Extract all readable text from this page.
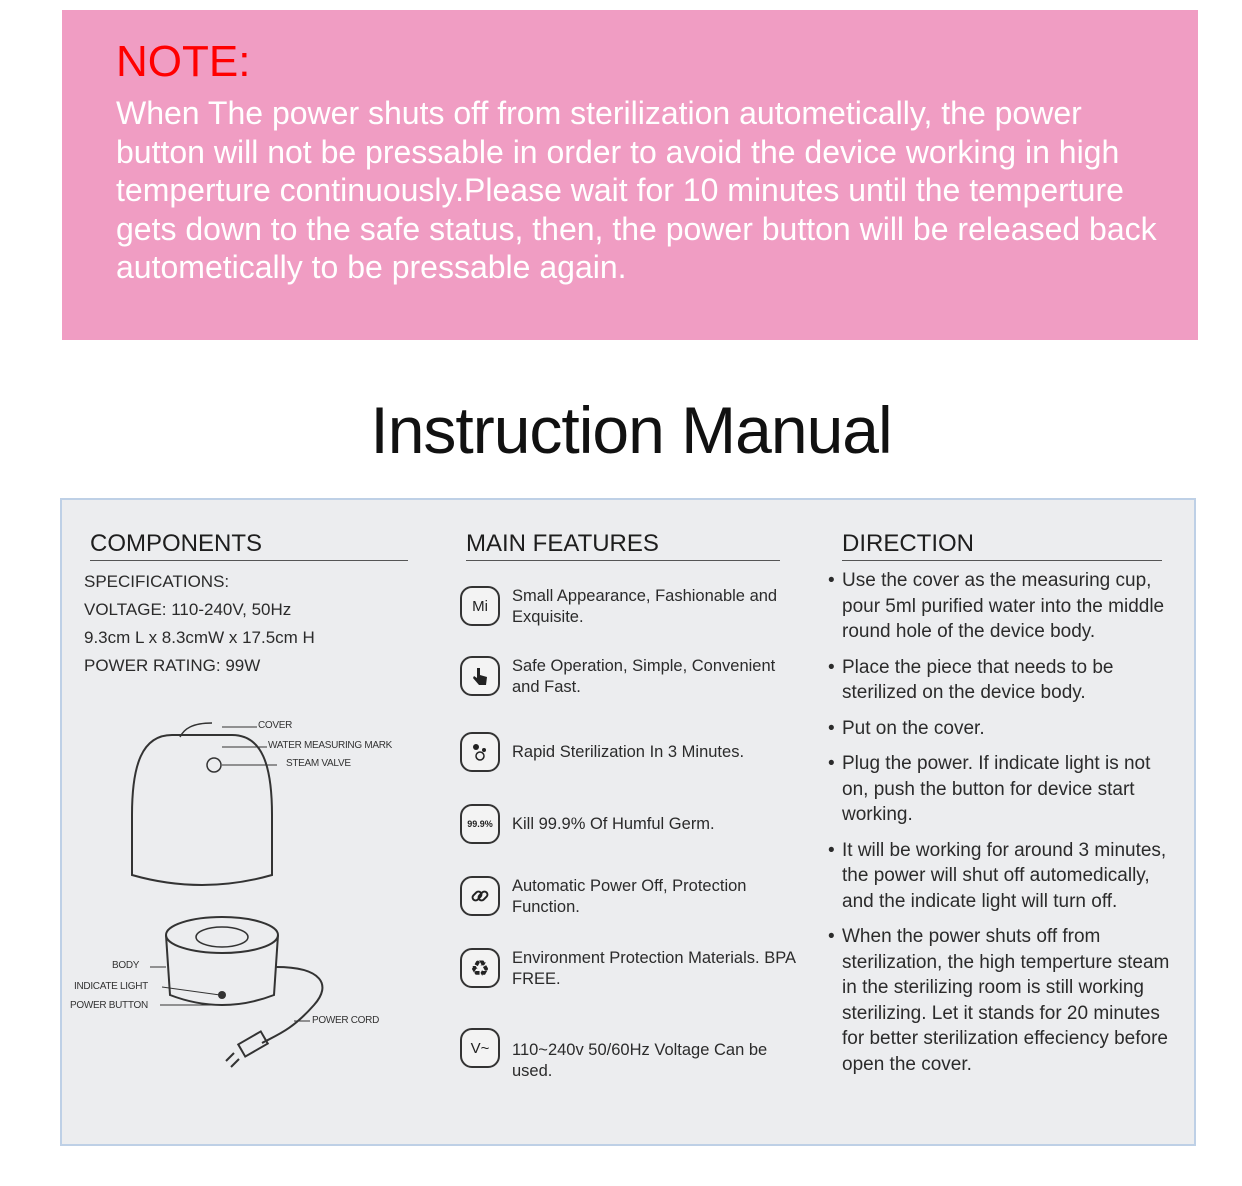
NOTE:
When The power shuts off from sterilization autometically, the power button will not be pressable in order to avoid the device working in high temperture continuously.Please wait for 10 minutes until the temperture gets down to the safe status, then, the power button will be released back autometically to be pressable again.
Instruction Manual
COMPONENTS
SPECIFICATIONS:
VOLTAGE: 110-240V, 50Hz
9.3cm L x 8.3cmW x 17.5cm H
POWER RATING: 99W
COVER
WATER MEASURING MARK
STEAM VALVE
BODY
INDICATE LIGHT
POWER BUTTON
POWER CORD
MAIN FEATURES
Mi
Small Appearance, Fashionable and Exquisite.
Safe Operation, Simple, Convenient and Fast.
Rapid Sterilization In 3 Minutes.
99.9%	Kill 99.9% Of Humful Germ.
Automatic Power Off, Protection Function.
♻	Environment Protection Materials. BPA FREE.
V~	110~240v 50/60Hz Voltage Can be used.
DIRECTION
• Use the cover as the measuring cup, pour 5ml purified water into the middle round hole of the device body.
• Place the piece that needs to be sterilized on the device body.
• Put on the cover.
• Plug the power. If indicate light is not on, push the button for device start working.
• It will be working for around 3 minutes, the power will shut off automedically, and the indicate light will turn off.
• When the power shuts off from sterilization, the high temperture steam in the sterilizing room is still working sterilizing. Let it stands for 20 minutes for better sterilization effeciency before open the cover.
